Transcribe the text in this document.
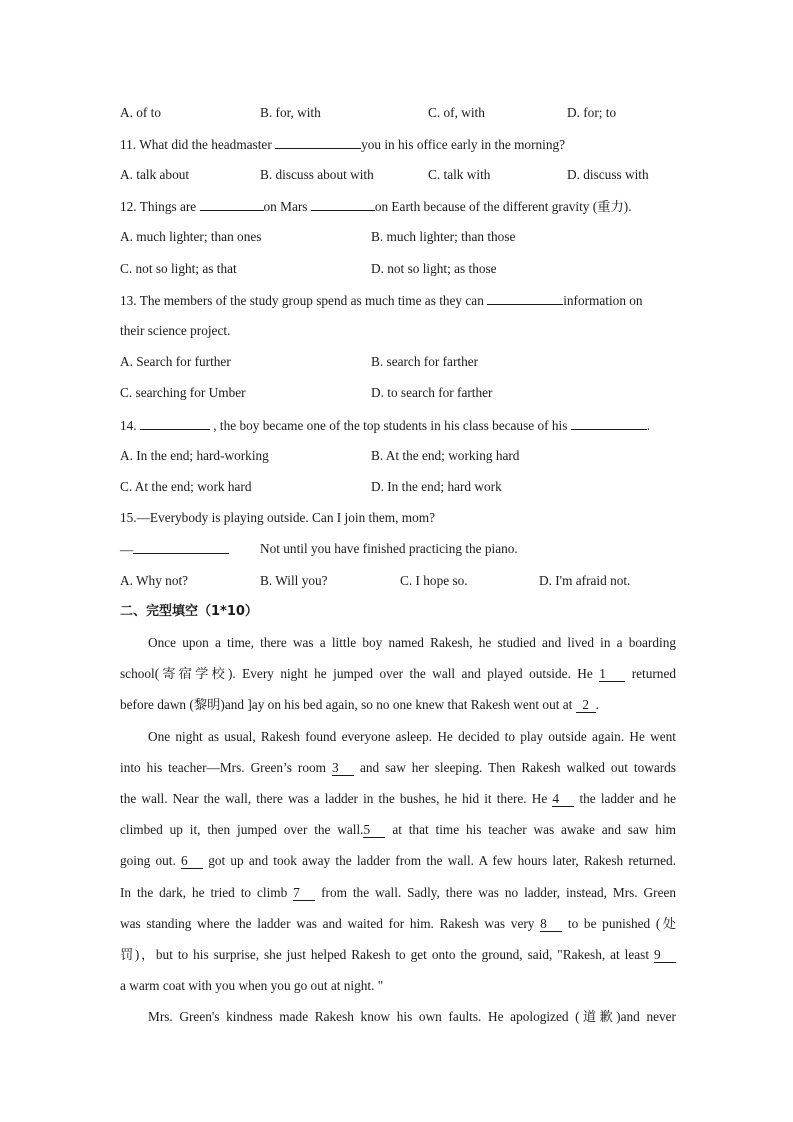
A. of to	B. for, with	C. of, with	D. for; to
11. What did the headmaster	you in his office early in the morning?
A. talk about	B. discuss about with	C. talk with	D. discuss with
12. Things are	on Mars	on Earth because of the different gravity (重力).
A. much lighter; than ones	B. much lighter; than those
C. not so light; as that	D. not so light; as those
13. The members of the study group spend as much time as they can	information on
their science project.
A. Search for further	B. search for farther
C. searching for Umber	D. to search for farther
14.	, the boy became one of the top students in his class because of his	.
A. In the end; hard-working	B. At the end; working hard
C. At the end; work hard	D. In the end; hard work
15.—Everybody is playing outside. Can I join them, mom?
—	Not until you have finished practicing the piano.
A. Why not?	B. Will you?	C. I hope so.	D. I'm afraid not.
二、完型填空（1*10）
Once upon a time, there was a little boy named Rakesh, he studied and lived in a boarding
school(寄宿学校). Every night he jumped over the wall and played outside. He 1 returned
before dawn (黎明)and ]ay on his bed again, so no one knew that Rakesh went out at 2 .
One night as usual, Rakesh found everyone asleep. He decided to play outside again. He went
into his teacher—Mrs. Green’s room 3 and saw her sleeping. Then Rakesh walked out towards
the wall. Near the wall, there was a ladder in the bushes, he hid it there. He 4 the ladder and he
climbed up it, then jumped over the wall.5 at that time his teacher was awake and saw him
going out. 6 got up and took away the ladder from the wall. A few hours later, Rakesh returned.
In the dark, he tried to climb 7 from the wall. Sadly, there was no ladder, instead, Mrs. Green
was standing where the ladder was and waited for him. Rakesh was very 8 to be punished (处
罚)，but to his surprise, she just helped Rakesh to get onto the ground, said, "Rakesh, at least 9
a warm coat with you when you go out at night. "
Mrs. Green's kindness made Rakesh know his own faults. He apologized (道歉)and never
